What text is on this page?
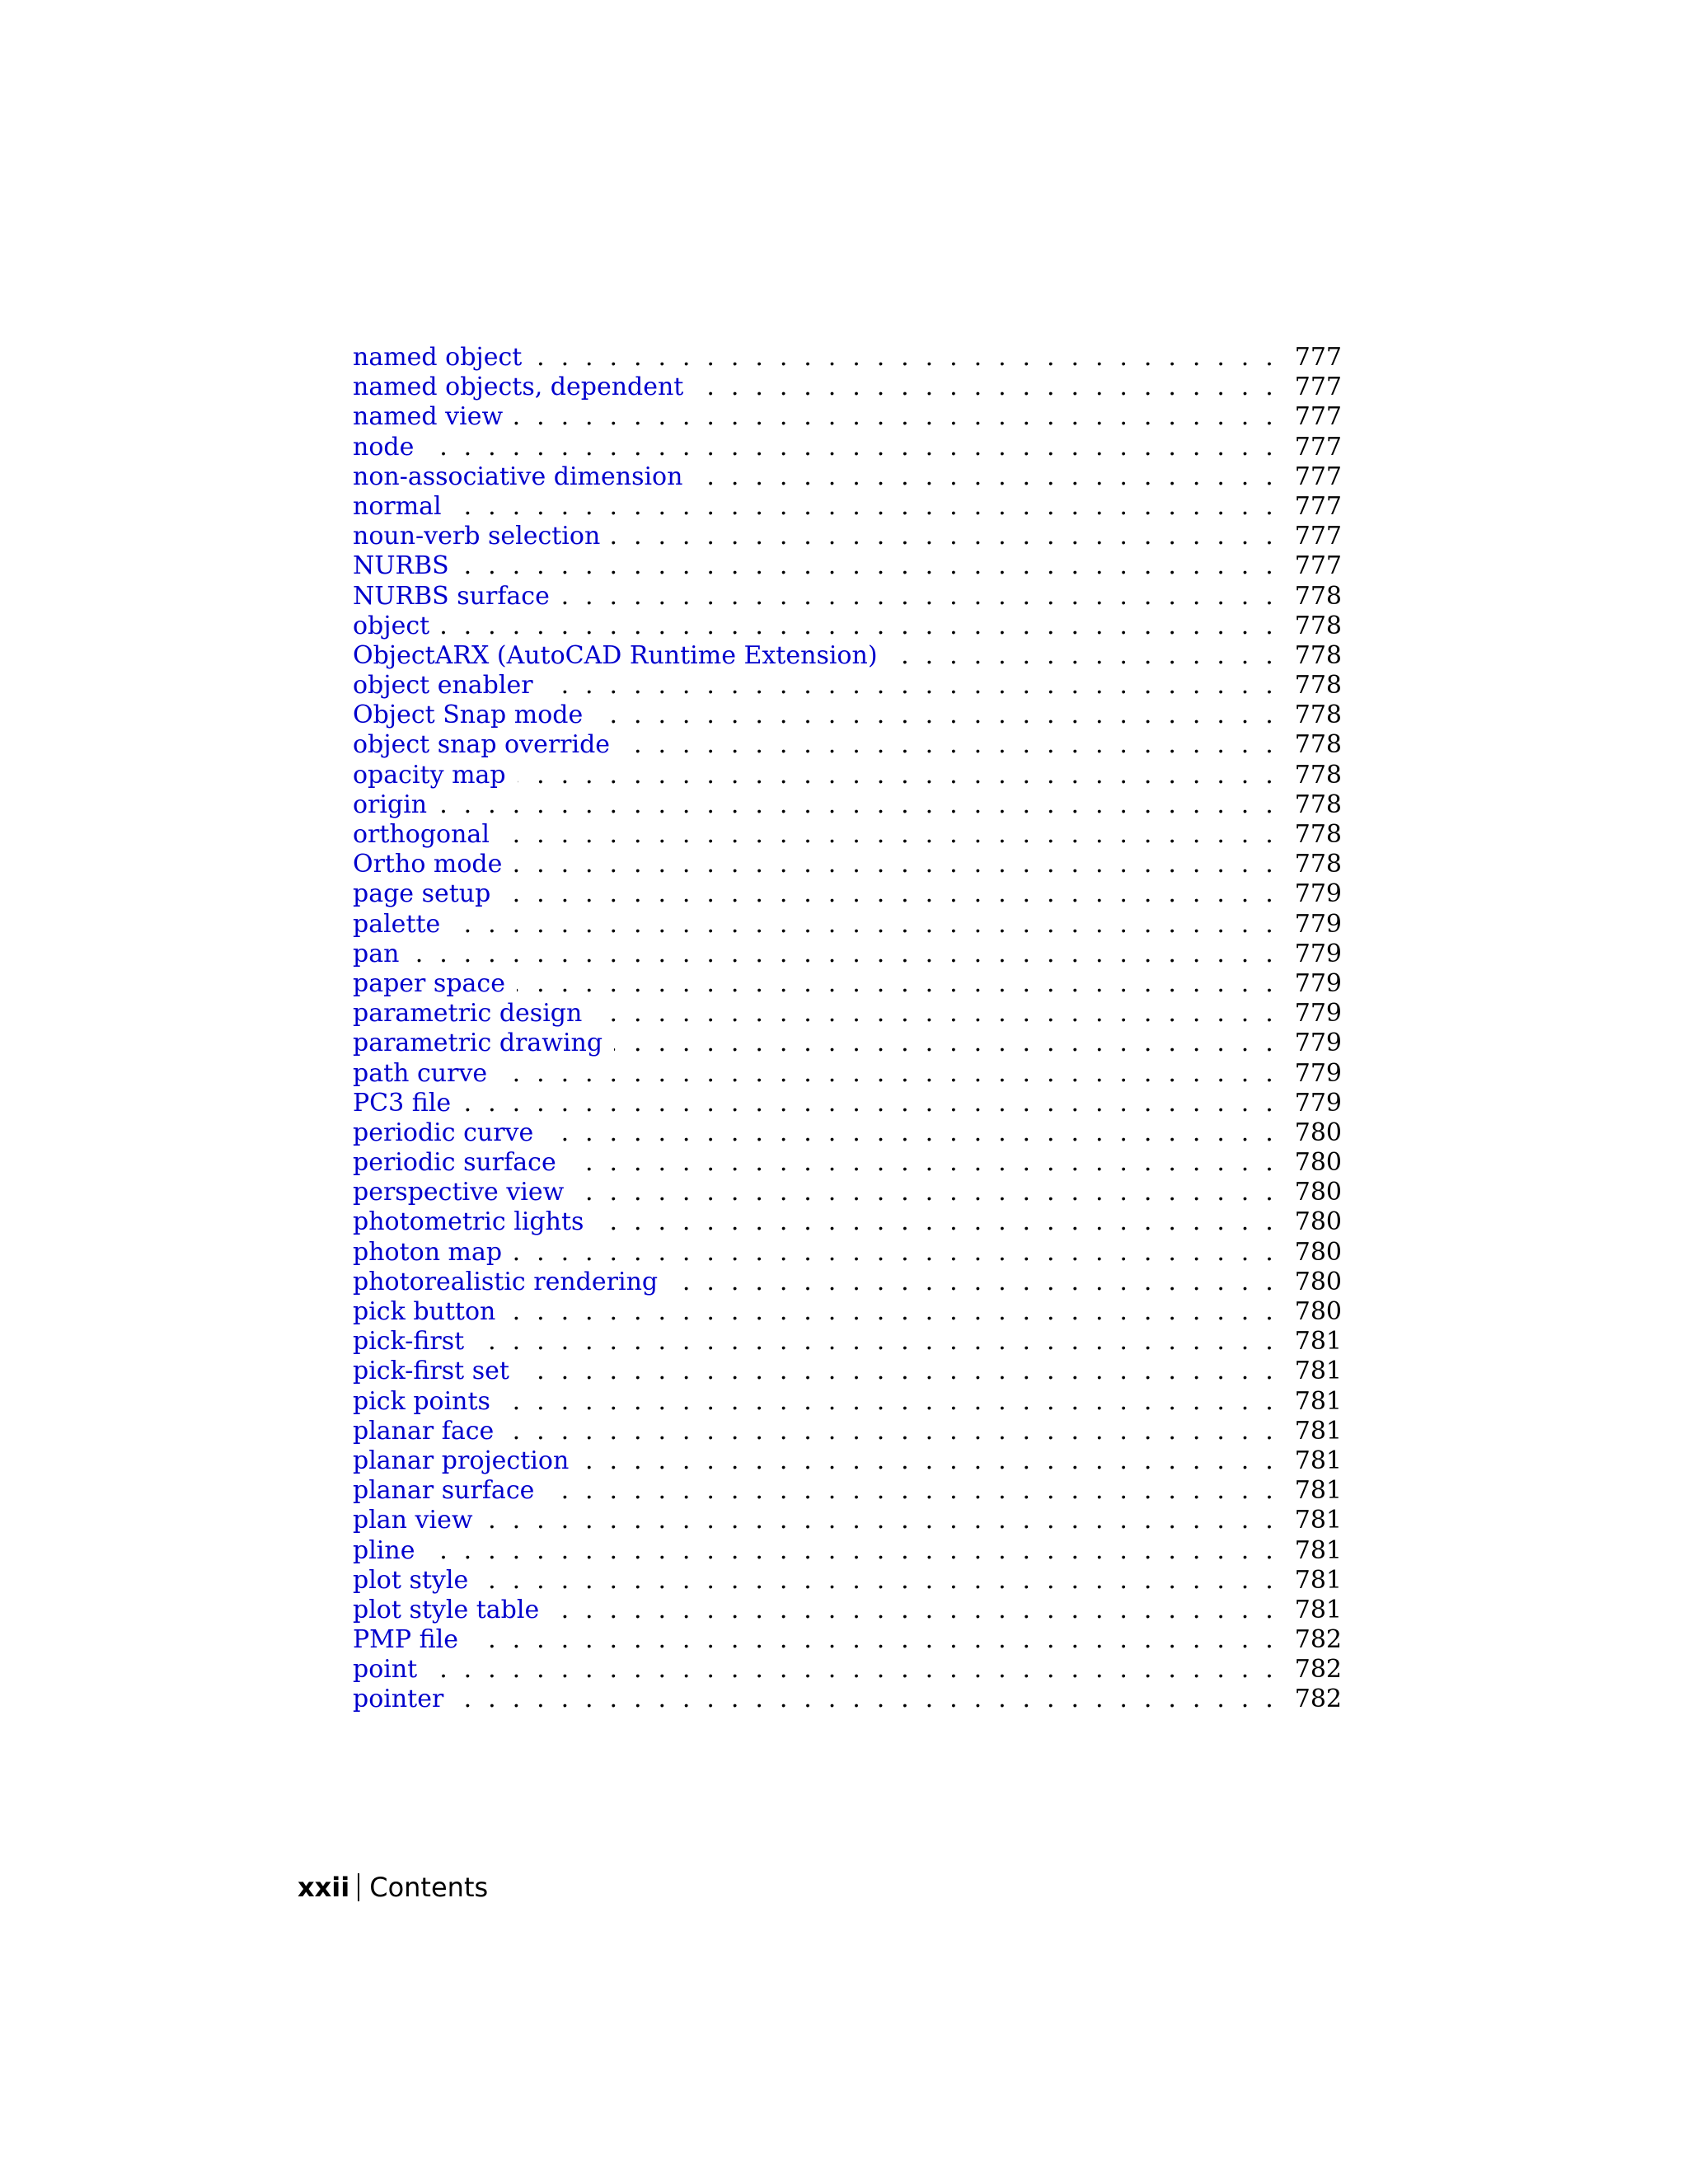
. . . named object	777
. . . named objects, dependent	777
. . . named view	777
. . . node	777
. . . non-associative dimension	777
. . . normal	777
. . . noun-verb selection	777
. . . NURBS	777
. . . NURBS surface	778
. . . object	778
. . . ObjectARX (AutoCAD Runtime Extension)	778
. . . object enabler	778
. . . Object Snap mode	778
. . . object snap override	778
. . . opacity map	778
. . . origin	778
. . . orthogonal	778
. . . Ortho mode	778
. . . page setup	779
. . . palette	779
. . . pan	779
. . . paper space	779
. . . parametric design	779
. . . parametric drawing	779
. . . path curve	779
. . . PC3 file	779
. . . periodic curve	780
. . . periodic surface	780
. . . perspective view	780
. . . photometric lights	780
. . . photon map	780
. . . photorealistic rendering	780
. . . pick button	780
. . . pick-first	781
. . . pick-first set	781
. . . pick points	781
. . . planar face	781
. . . planar projection	781
. . . planar surface	781
. . . plan view	781
. . . pline	781
. . . plot style	781
. . . plot style table	781
. . . PMP file	782
. . . point	782
. . . pointer	782
xxii Contents
